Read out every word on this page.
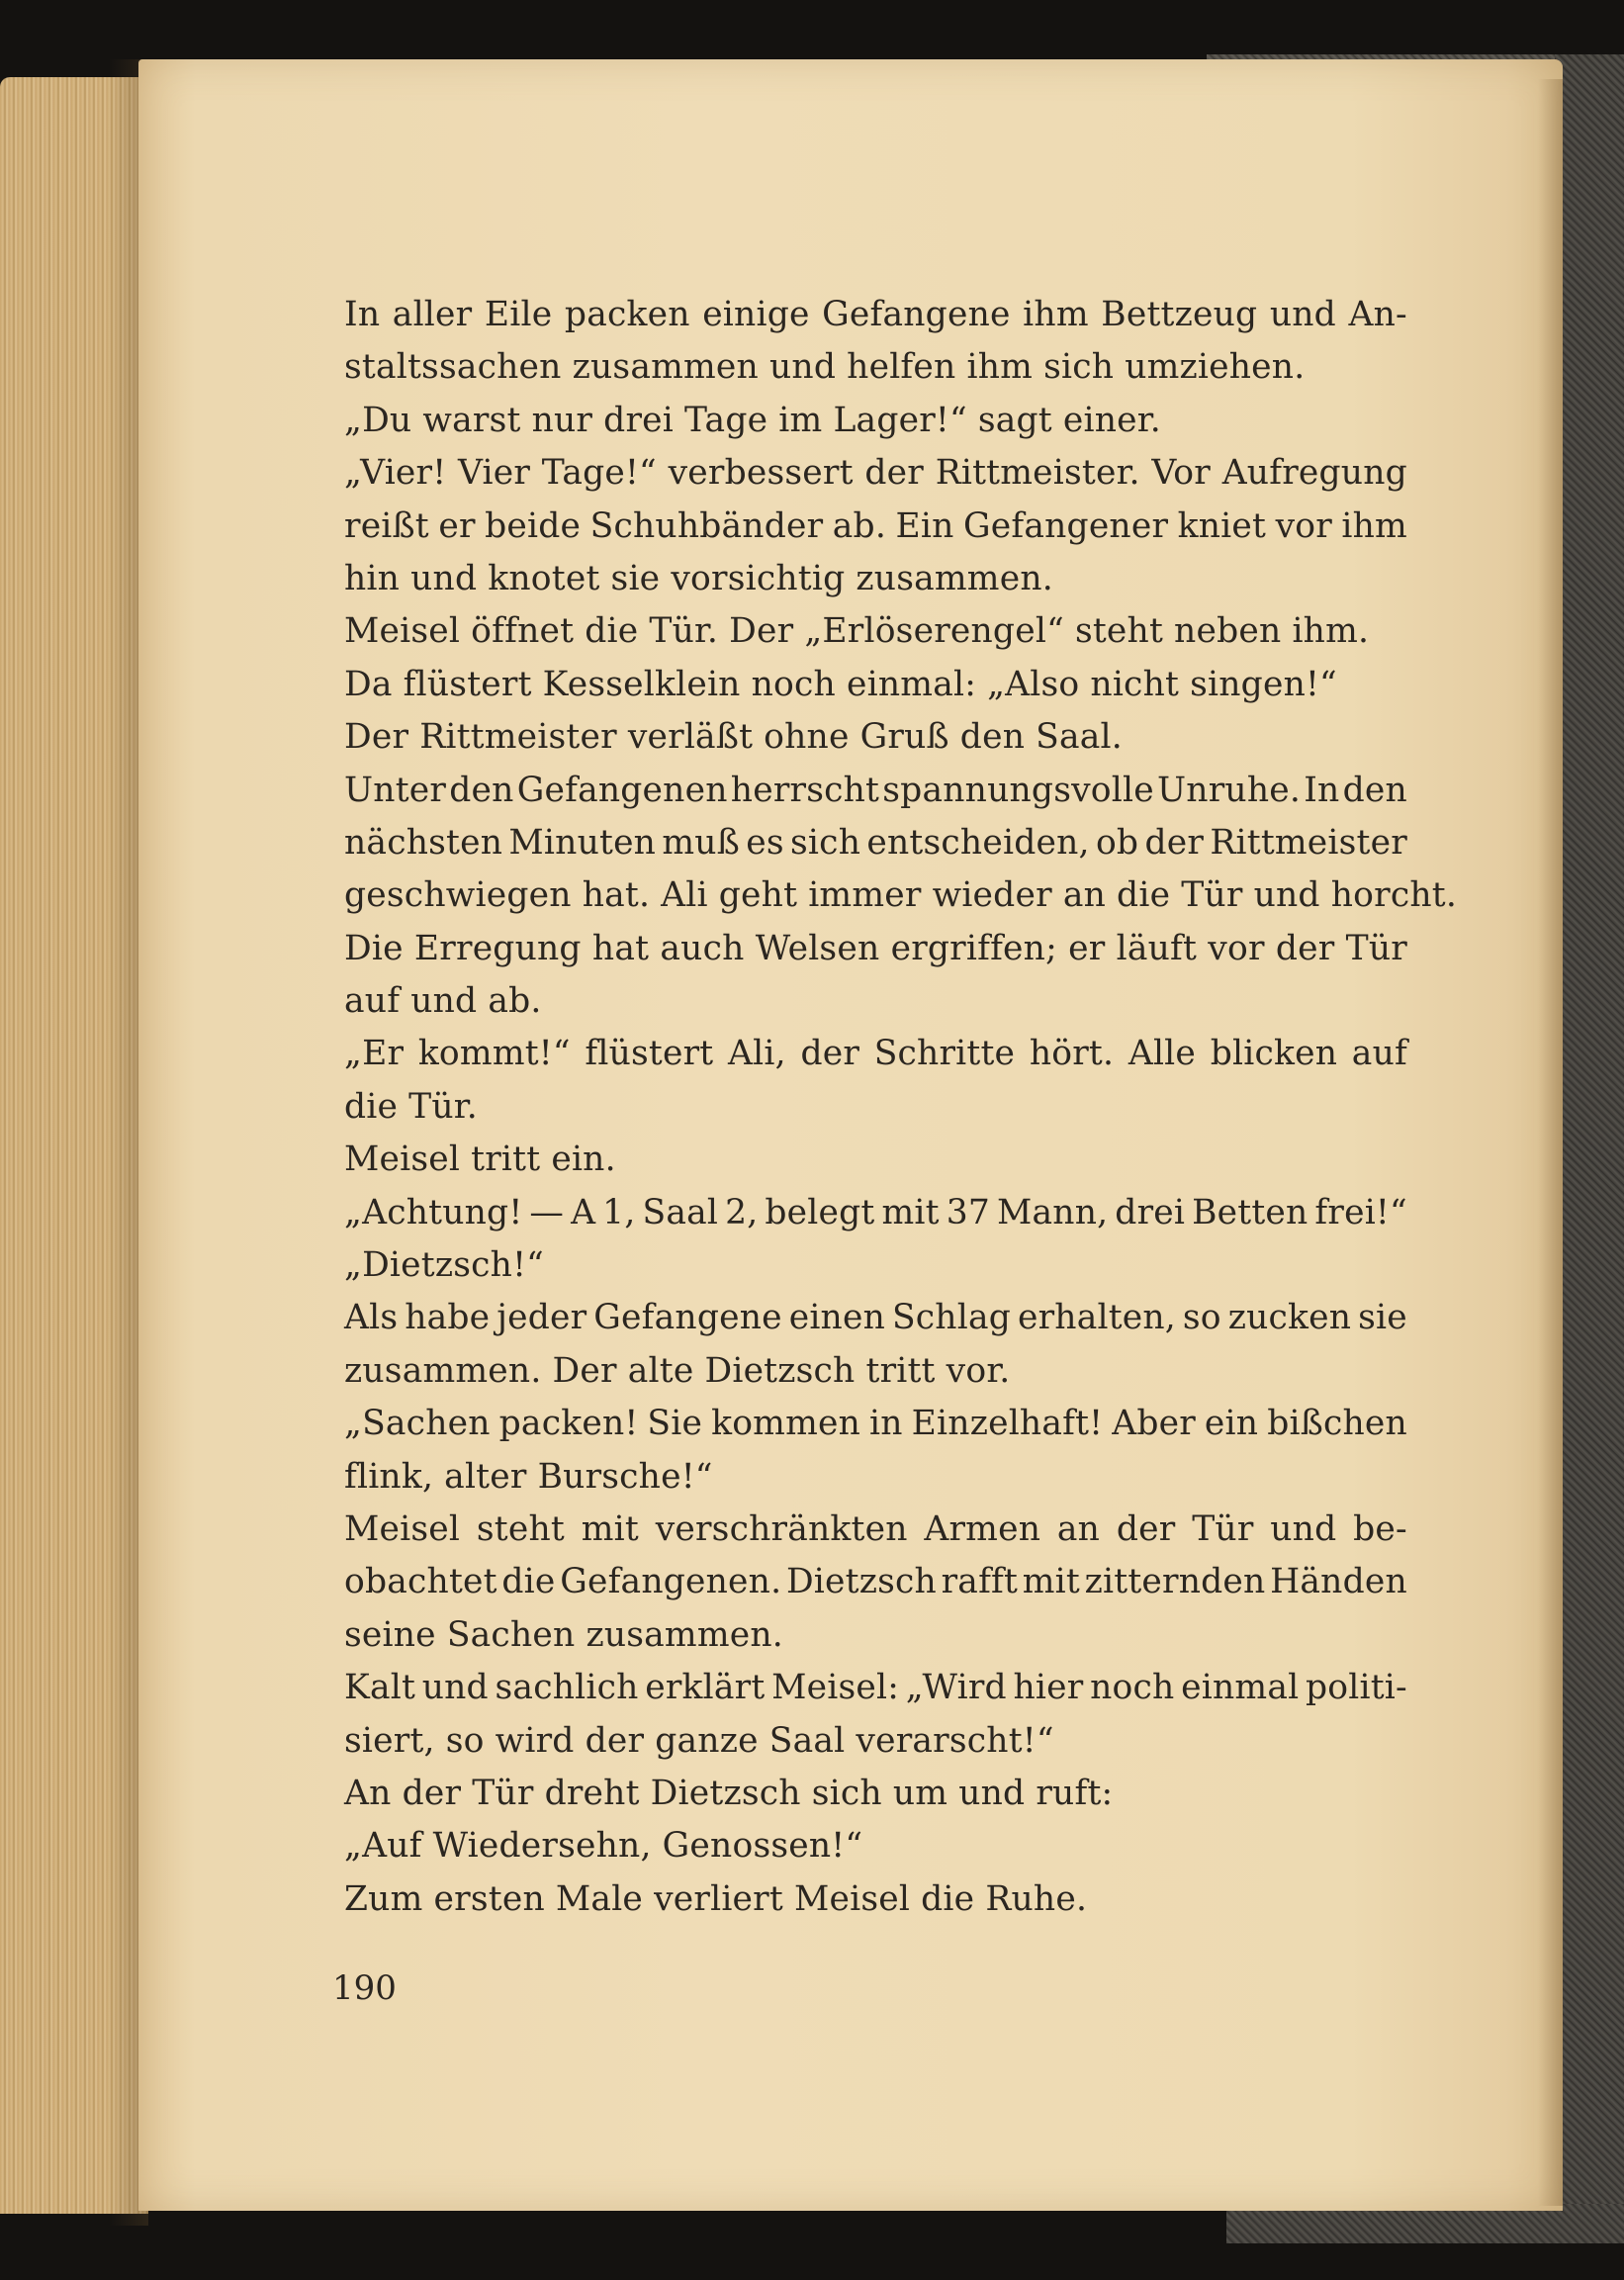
In aller Eile packen einige Gefangene ihm Bettzeug und An-
staltssachen zusammen und helfen ihm sich umziehen.
„Du warst nur drei Tage im Lager!“ sagt einer.
„Vier! Vier Tage!“ verbessert der Rittmeister. Vor Aufregung
reißt er beide Schuhbänder ab. Ein Gefangener kniet vor ihm
hin und knotet sie vorsichtig zusammen.
Meisel öffnet die Tür. Der „Erlöserengel“ steht neben ihm.
Da flüstert Kesselklein noch einmal: „Also nicht singen!“
Der Rittmeister verläßt ohne Gruß den Saal.
Unter den Gefangenen herrscht spannungsvolle Unruhe. In den
nächsten Minuten muß es sich entscheiden, ob der Rittmeister
geschwiegen hat. Ali geht immer wieder an die Tür und horcht.
Die Erregung hat auch Welsen ergriffen; er läuft vor der Tür
auf und ab.
„Er kommt!“ flüstert Ali, der Schritte hört. Alle blicken auf
die Tür.
Meisel tritt ein.
„Achtung! — A 1, Saal 2, belegt mit 37 Mann, drei Betten frei!“
„Dietzsch!“
Als habe jeder Gefangene einen Schlag erhalten, so zucken sie
zusammen. Der alte Dietzsch tritt vor.
„Sachen packen! Sie kommen in Einzelhaft! Aber ein bißchen
flink, alter Bursche!“
Meisel steht mit verschränkten Armen an der Tür und be-
obachtet die Gefangenen. Dietzsch rafft mit zitternden Händen
seine Sachen zusammen.
Kalt und sachlich erklärt Meisel: „Wird hier noch einmal politi-
siert, so wird der ganze Saal verarscht!“
An der Tür dreht Dietzsch sich um und ruft:
„Auf Wiedersehn, Genossen!“
Zum ersten Male verliert Meisel die Ruhe.
190
